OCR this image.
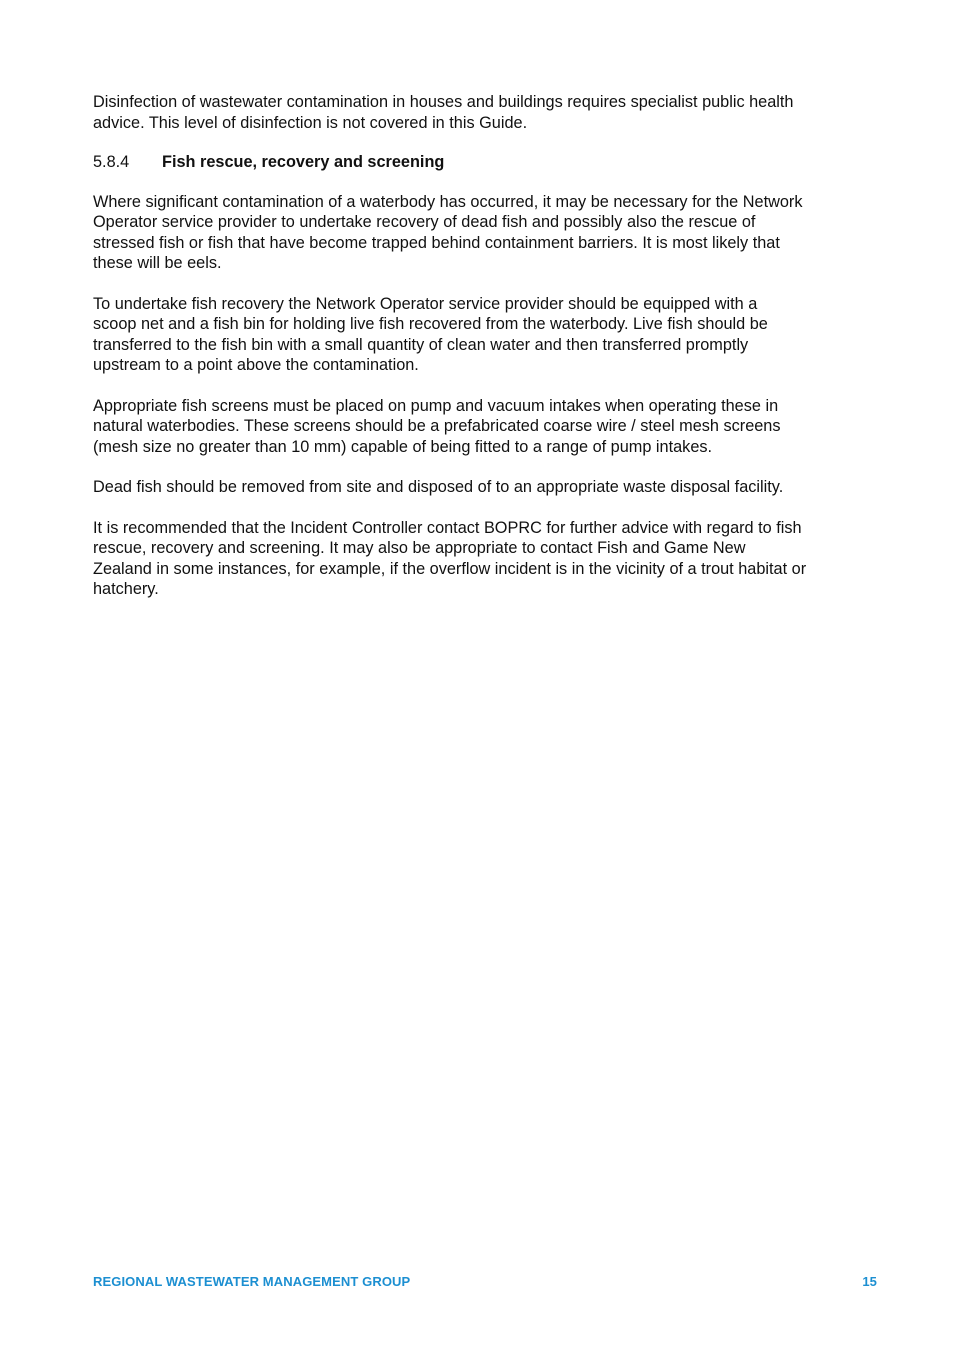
Disinfection of wastewater contamination in houses and buildings requires specialist public health
advice. This level of disinfection is not covered in this Guide.

5.8.4	Fish rescue, recovery and screening

Where significant contamination of a waterbody has occurred, it may be necessary for the Network
Operator service provider to undertake recovery of dead fish and possibly also the rescue of
stressed fish or fish that have become trapped behind containment barriers. It is most likely that
these will be eels.

To undertake fish recovery the Network Operator service provider should be equipped with a
scoop net and a fish bin for holding live fish recovered from the waterbody. Live fish should be
transferred to the fish bin with a small quantity of clean water and then transferred promptly
upstream to a point above the contamination.

Appropriate fish screens must be placed on pump and vacuum intakes when operating these in
natural waterbodies. These screens should be a prefabricated coarse wire / steel mesh screens
(mesh size no greater than 10 mm) capable of being fitted to a range of pump intakes.

Dead fish should be removed from site and disposed of to an appropriate waste disposal facility.

It is recommended that the Incident Controller contact BOPRC for further advice with regard to fish
rescue, recovery and screening. It may also be appropriate to contact Fish and Game New
Zealand in some instances, for example, if the overflow incident is in the vicinity of a trout habitat or
hatchery.

REGIONAL WASTEWATER MANAGEMENT GROUP	15
